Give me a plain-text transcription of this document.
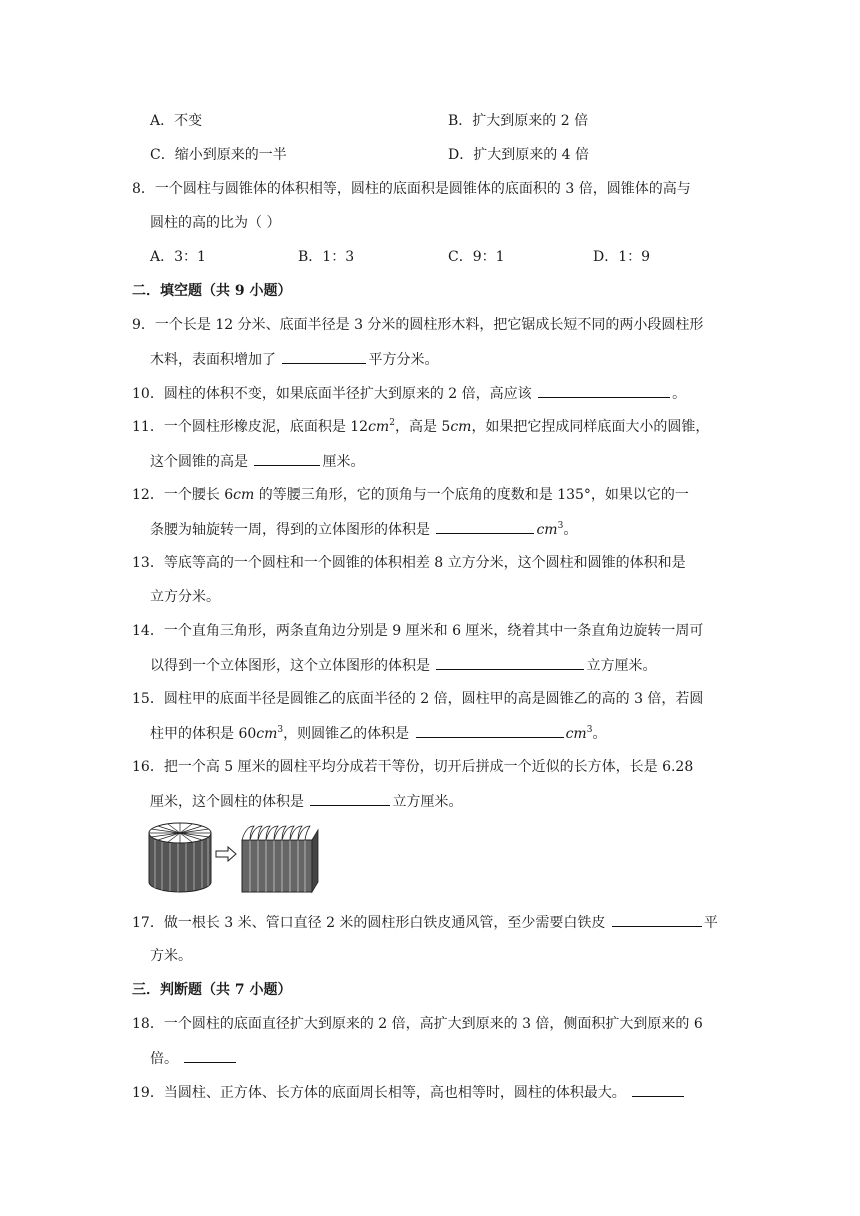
A．不变	B．扩大到原来的 2 倍
C．缩小到原来的一半	D．扩大到原来的 4 倍
8．一个圆柱与圆锥体的体积相等，圆柱的底面积是圆锥体的底面积的 3 倍，圆锥体的高与
圆柱的高的比为（ ）
A．3：1	B．1：3	C．9：1	D．1：9
二．填空题（共 9 小题）
9．一个长是 12 分米、底面半径是 3 分米的圆柱形木料，把它锯成长短不同的两小段圆柱形
木料，表面积增加了	平方分米。
10．圆柱的体积不变，如果底面半径扩大到原来的 2 倍，高应该	。
11．一个圆柱形橡皮泥，底面积是 $12cm^2$，高是 5cm，如果把它捏成同样底面大小的圆锥，
这个圆锥的高是	厘米。
12．一个腰长 6cm 的等腰三角形，它的顶角与一个底角的度数和是 135°，如果以它的一
条腰为轴旋转一周，得到的立体图形的体积是	$cm^3$。
13．等底等高的一个圆柱和一个圆锥的体积相差 8 立方分米，这个圆柱和圆锥的体积和是
立方分米。
14．一个直角三角形，两条直角边分别是 9 厘米和 6 厘米，绕着其中一条直角边旋转一周可
以得到一个立体图形，这个立体图形的体积是	立方厘米。
15．圆柱甲的底面半径是圆锥乙的底面半径的 2 倍，圆柱甲的高是圆锥乙的高的 3 倍，若圆
柱甲的体积是 $60cm^3$，则圆锥乙的体积是	$cm^3$。
16．把一个高 5 厘米的圆柱平均分成若干等份，切开后拼成一个近似的长方体，长是 6.28
厘米，这个圆柱的体积是	立方厘米。
17．做一根长 3 米、管口直径 2 米的圆柱形白铁皮通风管，至少需要白铁皮	平
方米。
三．判断题（共 7 小题）
18．一个圆柱的底面直径扩大到原来的 2 倍，高扩大到原来的 3 倍，侧面积扩大到原来的 6
倍。
19．当圆柱、正方体、长方体的底面周长相等，高也相等时，圆柱的体积最大。
